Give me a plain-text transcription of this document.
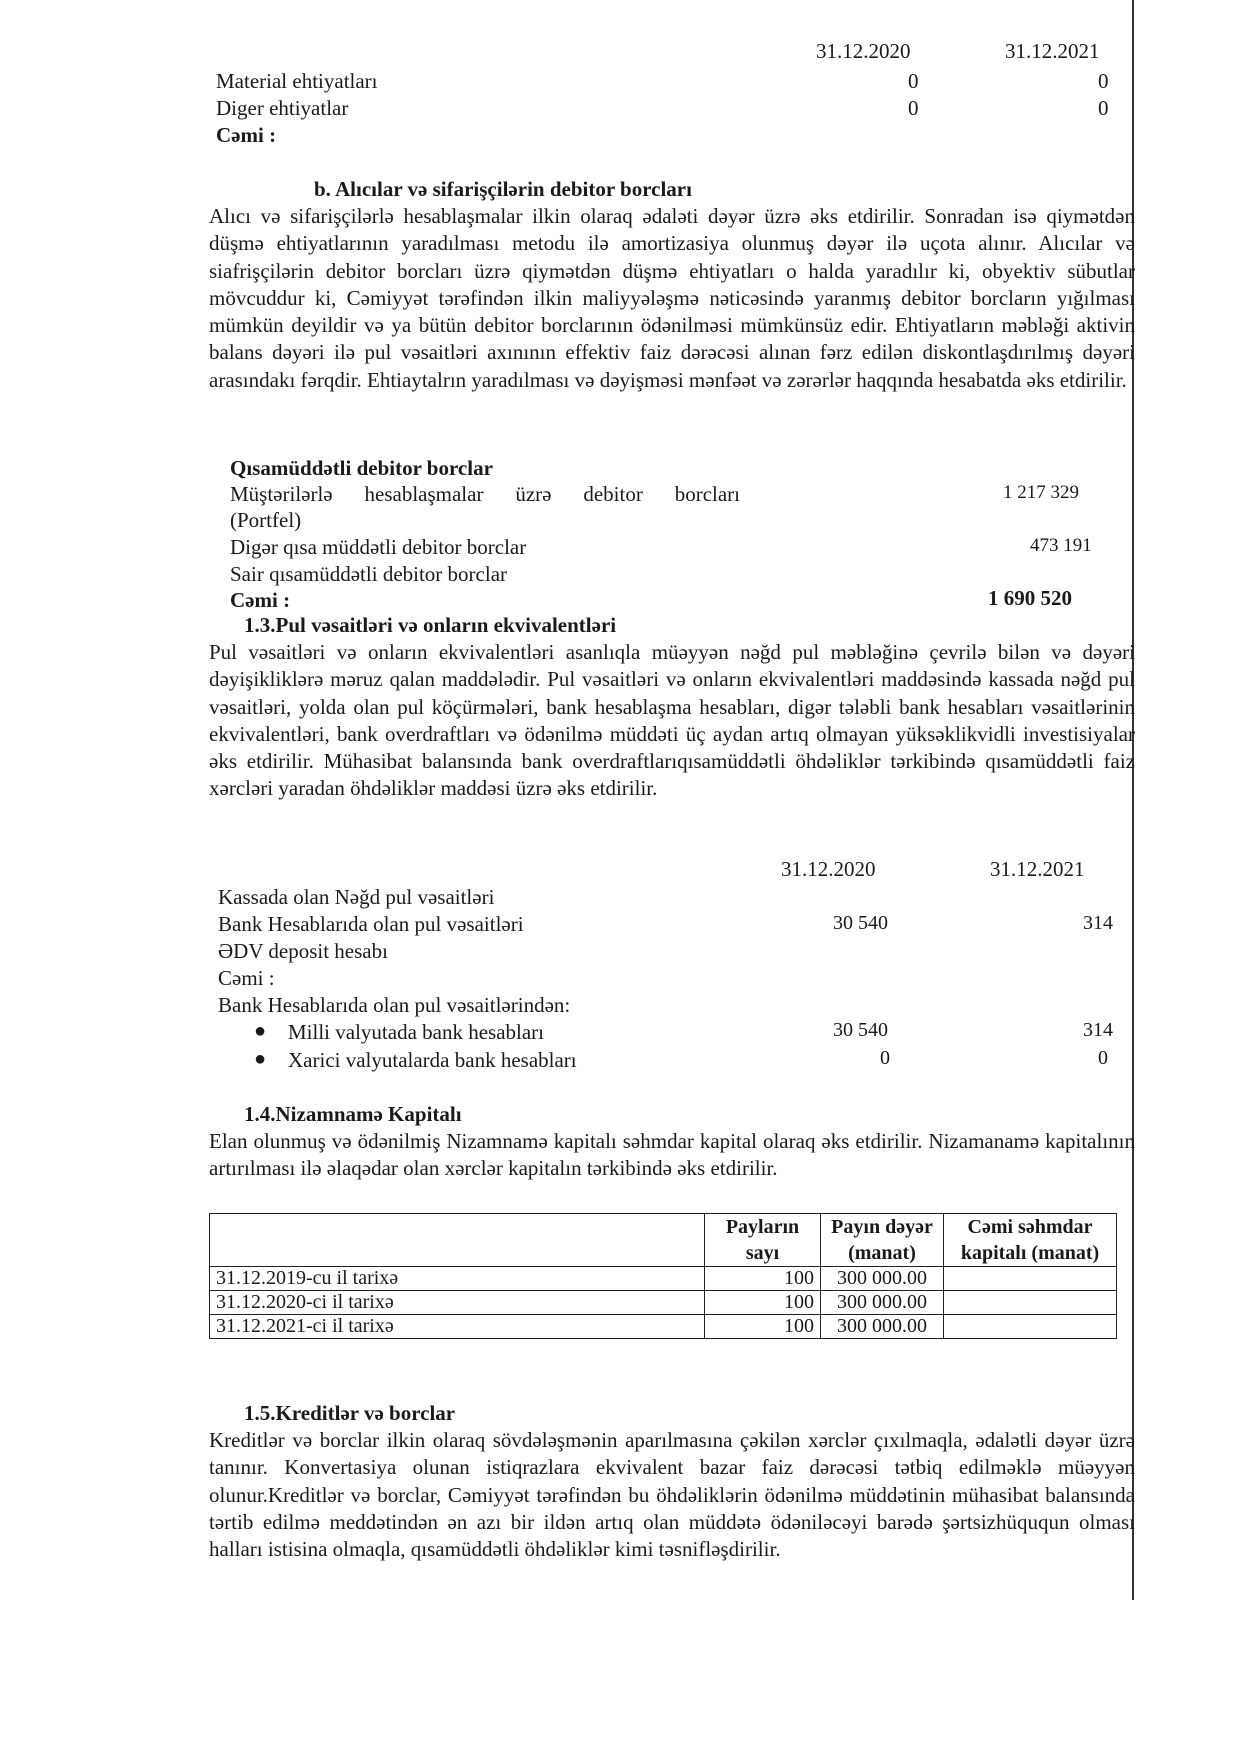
31.12.2020	31.12.2021
Material ehtiyatları	0	0
Diger ehtiyatlar	0	0
Cəmi :
b. Alıcılar və sifarişçilərin debitor borcları
Alıcı və sifarişçilərlə hesablaşmalar ilkin olaraq ədaləti dəyər üzrə əks etdirilir. Sonradan isə qiymətdən düşmə ehtiyatlarının yaradılması metodu ilə amortizasiya olunmuş dəyər ilə uçota alınır. Alıcılar və siafrişçilərin debitor borcları üzrə qiymətdən düşmə ehtiyatları o halda yaradılır ki, obyektiv sübutlar mövcuddur ki, Cəmiyyət tərəfindən ilkin maliyyələşmə nəticəsində yaranmış debitor borcların yığılması mümkün deyildir və ya bütün debitor borclarının ödənilməsi mümkünsüz edir. Ehtiyatların məbləği aktivin balans dəyəri ilə pul vəsaitləri axınının effektiv faiz dərəcəsi alınan fərz edilən diskontlaşdırılmış dəyəri arasındakı fərqdir. Ehtiaytalrın yaradılması və dəyişməsi mənfəət və zərərlər haqqında hesabatda əks etdirilir.
Qısamüddətli debitor borclar
Müştərilərlə hesablaşmalar üzrə debitor borcları	1 217 329
(Portfel)
Digər qısa müddətli debitor borclar	473 191
Sair qısamüddətli debitor borclar
Cəmi :	1 690 520
1.3.Pul vəsaitləri və onların ekvivalentləri
Pul vəsaitləri və onların ekvivalentləri asanlıqla müəyyən nəğd pul məbləğinə çevrilə bilən və dəyəri dəyişikliklərə məruz qalan maddələdir. Pul vəsaitləri və onların ekvivalentləri maddəsində kassada nəğd pul vəsaitləri, yolda olan pul köçürmələri, bank hesablaşma hesabları, digər tələbli bank hesabları vəsaitlərinin ekvivalentləri, bank overdraftları və ödənilmə müddəti üç aydan artıq olmayan yüksəklikvidli investisiyalar əks etdirilir. Mühasibat balansında bank overdraftlarıqısamüddətli öhdəliklər tərkibində qısamüddətli faiz xərcləri yaradan öhdəliklər maddəsi üzrə əks etdirilir.
31.12.2020	31.12.2021
Kassada olan Nəğd pul vəsaitləri
Bank Hesablarıda olan pul vəsaitləri	30 540	314
ƏDV deposit hesabı
Cəmi :
Bank Hesablarıda olan pul vəsaitlərindən:
● Milli valyutada bank hesabları	30 540	314
● Xarici valyutalarda bank hesabları	0	0
1.4.Nizamnamə Kapitalı
Elan olunmuş və ödənilmiş Nizamnamə kapitalı səhmdar kapital olaraq əks etdirilir. Nizamanamə kapitalının artırılması ilə əlaqədar olan xərclər kapitalın tərkibində əks etdirilir.
	Payların sayı	Payın dəyər (manat)	Cəmi səhmdar kapitalı (manat)
31.12.2019-cu il tarixə	100	300 000.00	
31.12.2020-ci il tarixə	100	300 000.00	
31.12.2021-ci il tarixə	100	300 000.00	
1.5.Kreditlər və borclar
Kreditlər və borclar ilkin olaraq sövdələşmənin aparılmasına çəkilən xərclər çıxılmaqla, ədalətli dəyər üzrə tanınır. Konvertasiya olunan istiqrazlara ekvivalent bazar faiz dərəcəsi tətbiq edilməklə müəyyən olunur.Kreditlər və borclar, Cəmiyyət tərəfindən bu öhdəliklərin ödənilmə müddətinin mühasibat balansında tərtib edilmə meddətindən ən azı bir ildən artıq olan müddətə ödəniləcəyi barədə şərtsizhüququn olması halları istisina olmaqla, qısamüddətli öhdəliklər kimi təsnifləşdirilir.
